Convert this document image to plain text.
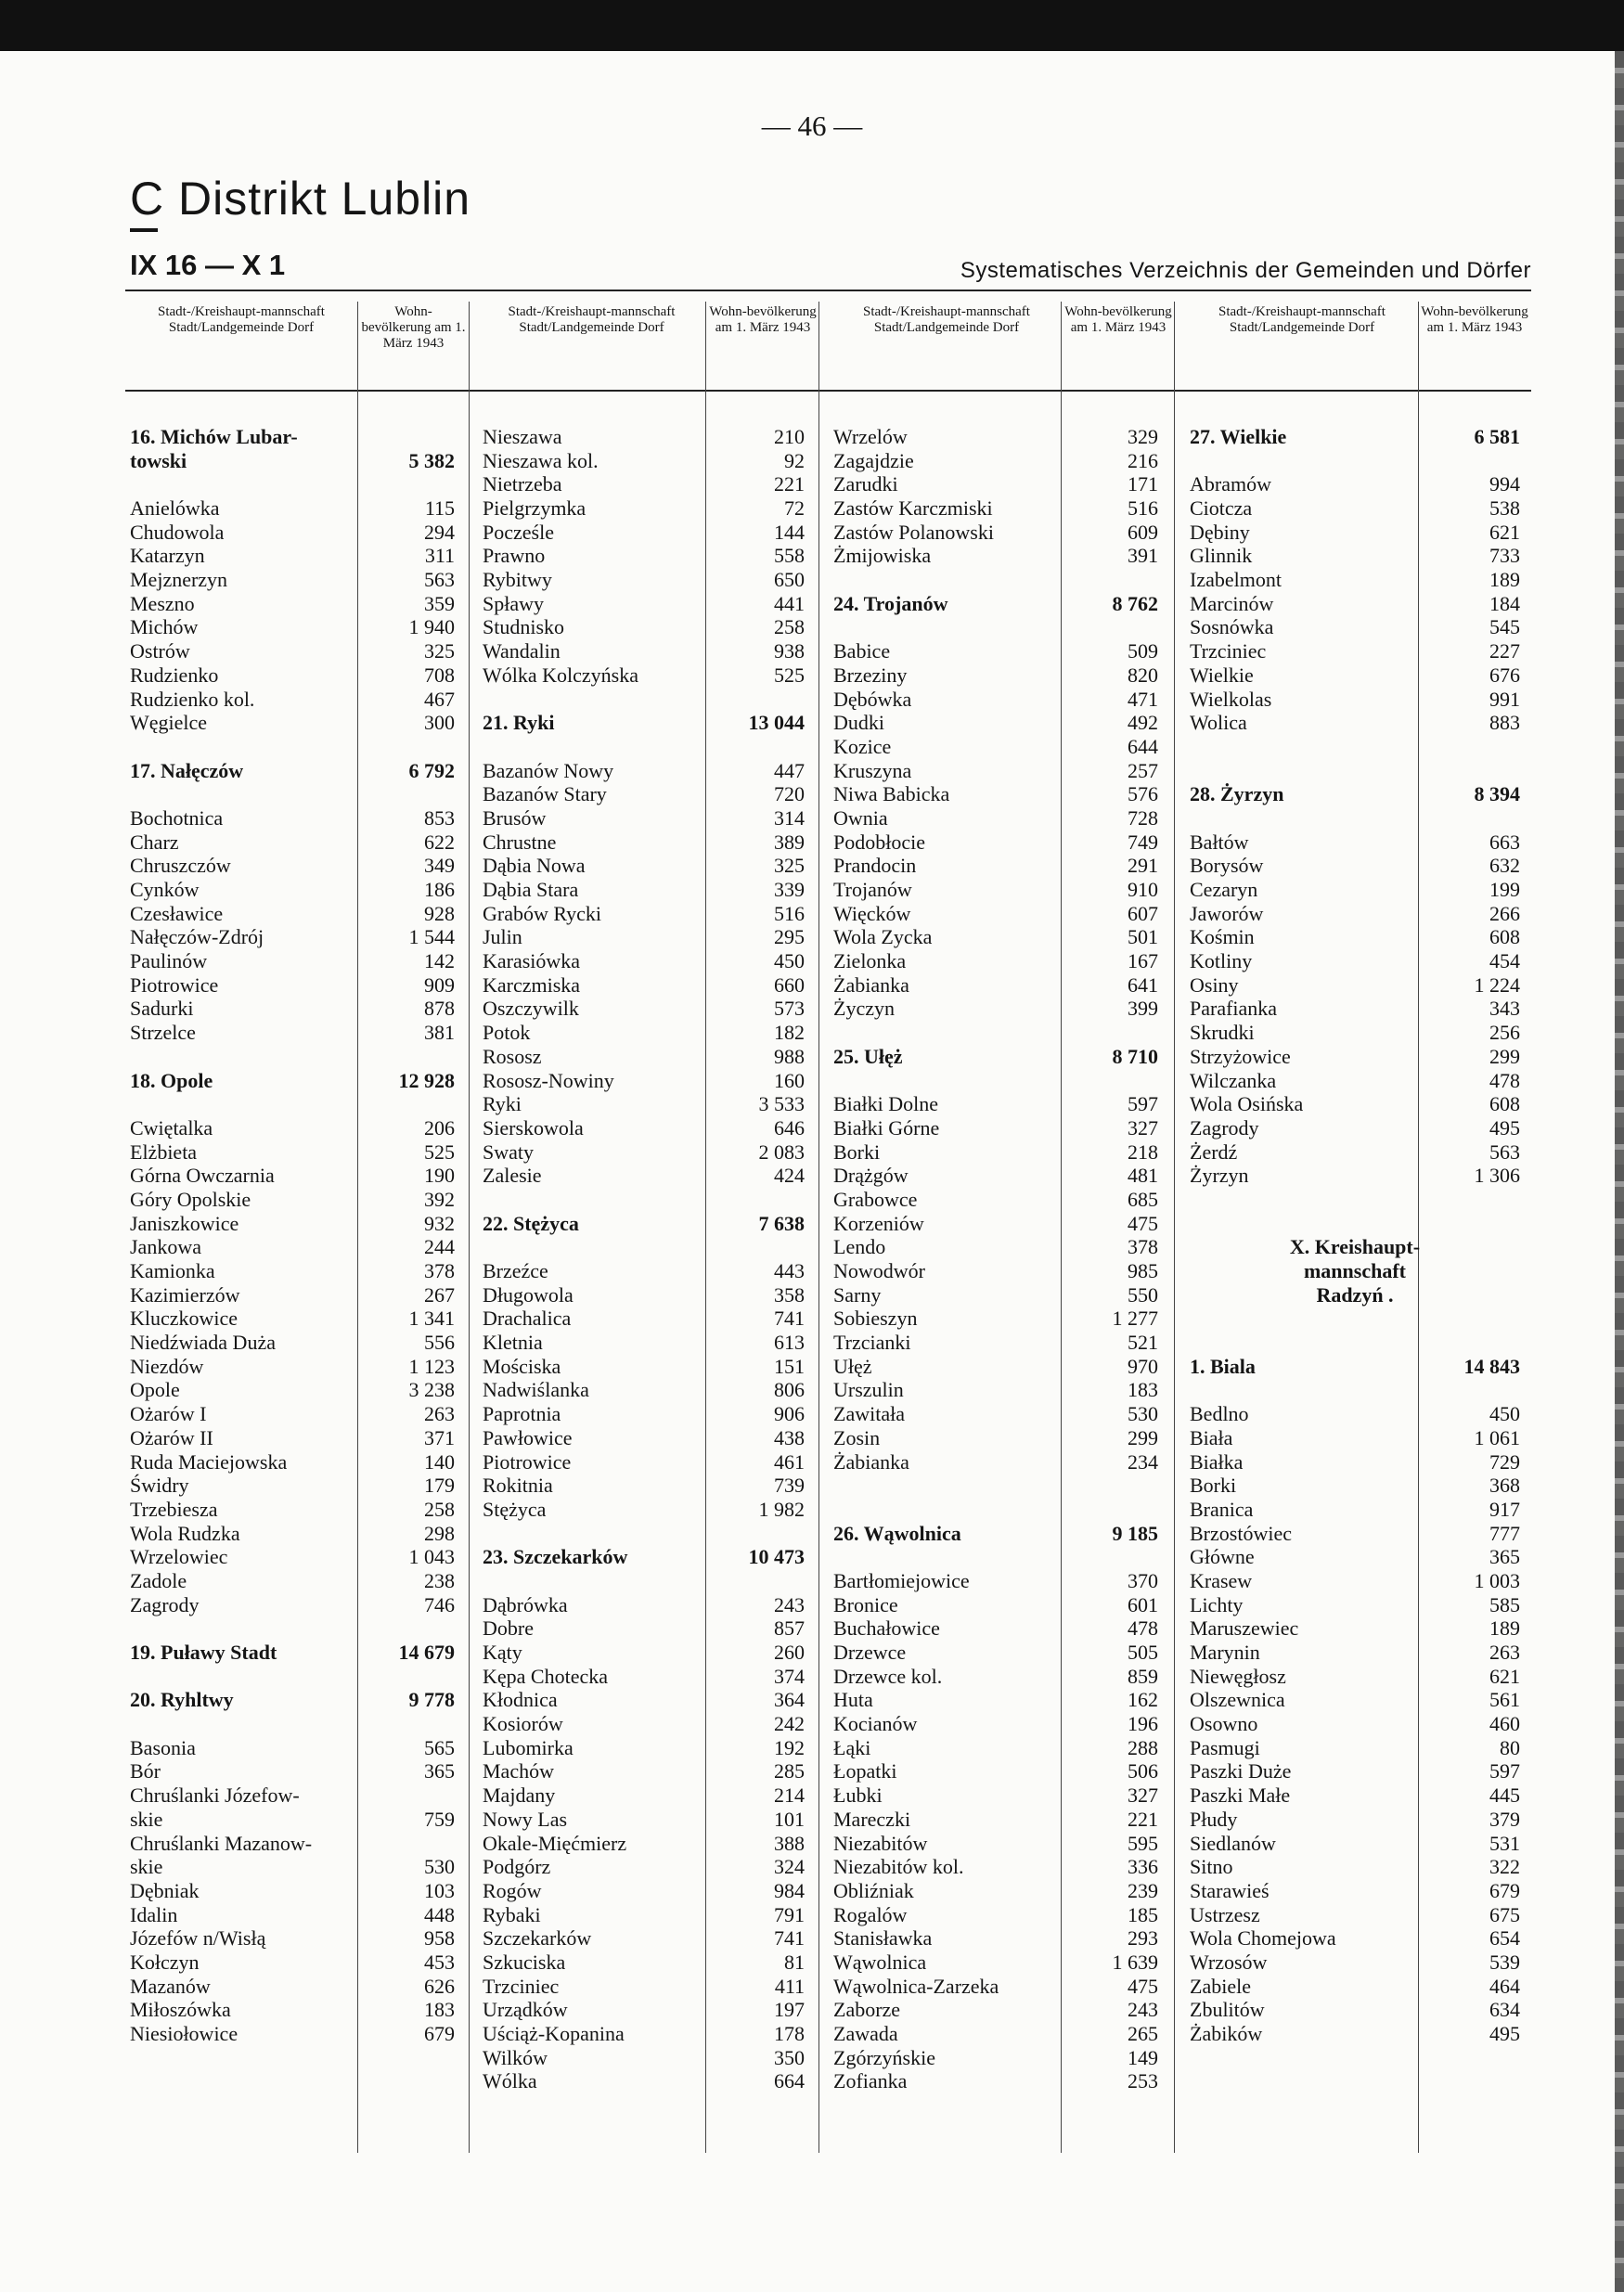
— 46 —
C Distrikt Lublin
IX 16 — X 1	Systematisches Verzeichnis der Gemeinden und Dörfer
Stadt-/Kreishaupt-mannschaft Stadt/Landgemeinde Dorf
Wohn-bevölkerung am 1. März 1943
Stadt-/Kreishaupt-mannschaft Stadt/Landgemeinde Dorf
Wohn-bevölkerung am 1. März 1943
Stadt-/Kreishaupt-mannschaft Stadt/Landgemeinde Dorf
Wohn-bevölkerung am 1. März 1943
Stadt-/Kreishaupt-mannschaft Stadt/Landgemeinde Dorf
Wohn-bevölkerung am 1. März 1943
16. Michów Lubar-
towski	5 382
Anielówka	115
Chudowola	294
Katarzyn	311
Mejznerzyn	563
Meszno	359
Michów	1 940
Ostrów	325
Rudzienko	708
Rudzienko kol.	467
Węgielce	300
17. Nałęczów	6 792
Bochotnica	853
Charz	622
Chruszczów	349
Cynków	186
Czesławice	928
Nałęczów-Zdrój	1 544
Paulinów	142
Piotrowice	909
Sadurki	878
Strzelce	381
18. Opole	12 928
Cwiętalka	206
Elżbieta	525
Górna Owczarnia	190
Góry Opolskie	392
Janiszkowice	932
Jankowa	244
Kamionka	378
Kazimierzów	267
Kluczkowice	1 341
Niedźwiada Duża	556
Niezdów	1 123
Opole	3 238
Ożarów I	263
Ożarów II	371
Ruda Maciejowska	140
Świdry	179
Trzebiesza	258
Wola Rudzka	298
Wrzelowiec	1 043
Zadole	238
Zagrody	746
19. Puławy Stadt	14 679
20. Ryhltwy	9 778
Basonia	565
Bór	365
Chruślanki Józefow-
skie	759
Chruślanki Mazanow-
skie	530
Dębniak	103
Idalin	448
Józefów n/Wisłą	958
Kołczyn	453
Mazanów	626
Miłoszówka	183
Niesiołowice	679
Nieszawa	210
Nieszawa kol.	92
Nietrzeba	221
Pielgrzymka	72
Pocześle	144
Prawno	558
Rybitwy	650
Spławy	441
Studnisko	258
Wandalin	938
Wólka Kolczyńska	525
21. Ryki	13 044
Bazanów Nowy	447
Bazanów Stary	720
Brusów	314
Chrustne	389
Dąbia Nowa	325
Dąbia Stara	339
Grabów Rycki	516
Julin	295
Karasiówka	450
Karczmiska	660
Oszczywilk	573
Potok	182
Rososz	988
Rososz-Nowiny	160
Ryki	3 533
Sierskowola	646
Swaty	2 083
Zalesie	424
22. Stężyca	7 638
Brzeźce	443
Długowola	358
Drachalica	741
Kletnia	613
Mościska	151
Nadwiślanka	806
Paprotnia	906
Pawłowice	438
Piotrowice	461
Rokitnia	739
Stężyca	1 982
23. Szczekarków	10 473
Dąbrówka	243
Dobre	857
Kąty	260
Kępa Chotecka	374
Kłodnica	364
Kosiorów	242
Lubomirka	192
Machów	285
Majdany	214
Nowy Las	101
Okale-Mięćmierz	388
Podgórz	324
Rogów	984
Rybaki	791
Szczekarków	741
Szkuciska	81
Trzciniec	411
Urządków	197
Uściąż-Kopanina	178
Wilków	350
Wólka	664
Wrzelów	329
Zagajdzie	216
Zarudki	171
Zastów Karczmiski	516
Zastów Polanowski	609
Żmijowiska	391
24. Trojanów	8 762
Babice	509
Brzeziny	820
Dębówka	471
Dudki	492
Kozice	644
Kruszyna	257
Niwa Babicka	576
Ownia	728
Podobłocie	749
Prandocin	291
Trojanów	910
Więcków	607
Wola Zycka	501
Zielonka	167
Żabianka	641
Życzyn	399
25. Ułęż	8 710
Białki Dolne	597
Białki Górne	327
Borki	218
Drążgów	481
Grabowce	685
Korzeniów	475
Lendo	378
Nowodwór	985
Sarny	550
Sobieszyn	1 277
Trzcianki	521
Ułęż	970
Urszulin	183
Zawitała	530
Zosin	299
Żabianka	234
26. Wąwolnica	9 185
Bartłomiejowice	370
Bronice	601
Buchałowice	478
Drzewce	505
Drzewce kol.	859
Huta	162
Kocianów	196
Łąki	288
Łopatki	506
Łubki	327
Mareczki	221
Niezabitów	595
Niezabitów kol.	336
Obliźniak	239
Rogalów	185
Stanisławka	293
Wąwolnica	1 639
Wąwolnica-Zarzeka	475
Zaborze	243
Zawada	265
Zgórzyńskie	149
Zofianka	253
27. Wielkie	6 581
Abramów	994
Ciotcza	538
Dębiny	621
Glinnik	733
Izabelmont	189
Marcinów	184
Sosnówka	545
Trzciniec	227
Wielkie	676
Wielkolas	991
Wolica	883
28. Żyrzyn	8 394
Bałtów	663
Borysów	632
Cezaryn	199
Jaworów	266
Kośmin	608
Kotliny	454
Osiny	1 224
Parafianka	343
Skrudki	256
Strzyżowice	299
Wilczanka	478
Wola Osińska	608
Zagrody	495
Żerdź	563
Żyrzyn	1 306
X. Kreishaupt-
mannschaft
Radzyń .
1. Biala	14 843
Bedlno	450
Biała	1 061
Białka	729
Borki	368
Branica	917
Brzostówiec	777
Główne	365
Krasew	1 003
Lichty	585
Maruszewiec	189
Marynin	263
Niewęgłosz	621
Olszewnica	561
Osowno	460
Pasmugi	80
Paszki Duże	597
Paszki Małe	445
Płudy	379
Siedlanów	531
Sitno	322
Starawieś	679
Ustrzesz	675
Wola Chomejowa	654
Wrzosów	539
Zabiele	464
Zbulitów	634
Żabików	495
